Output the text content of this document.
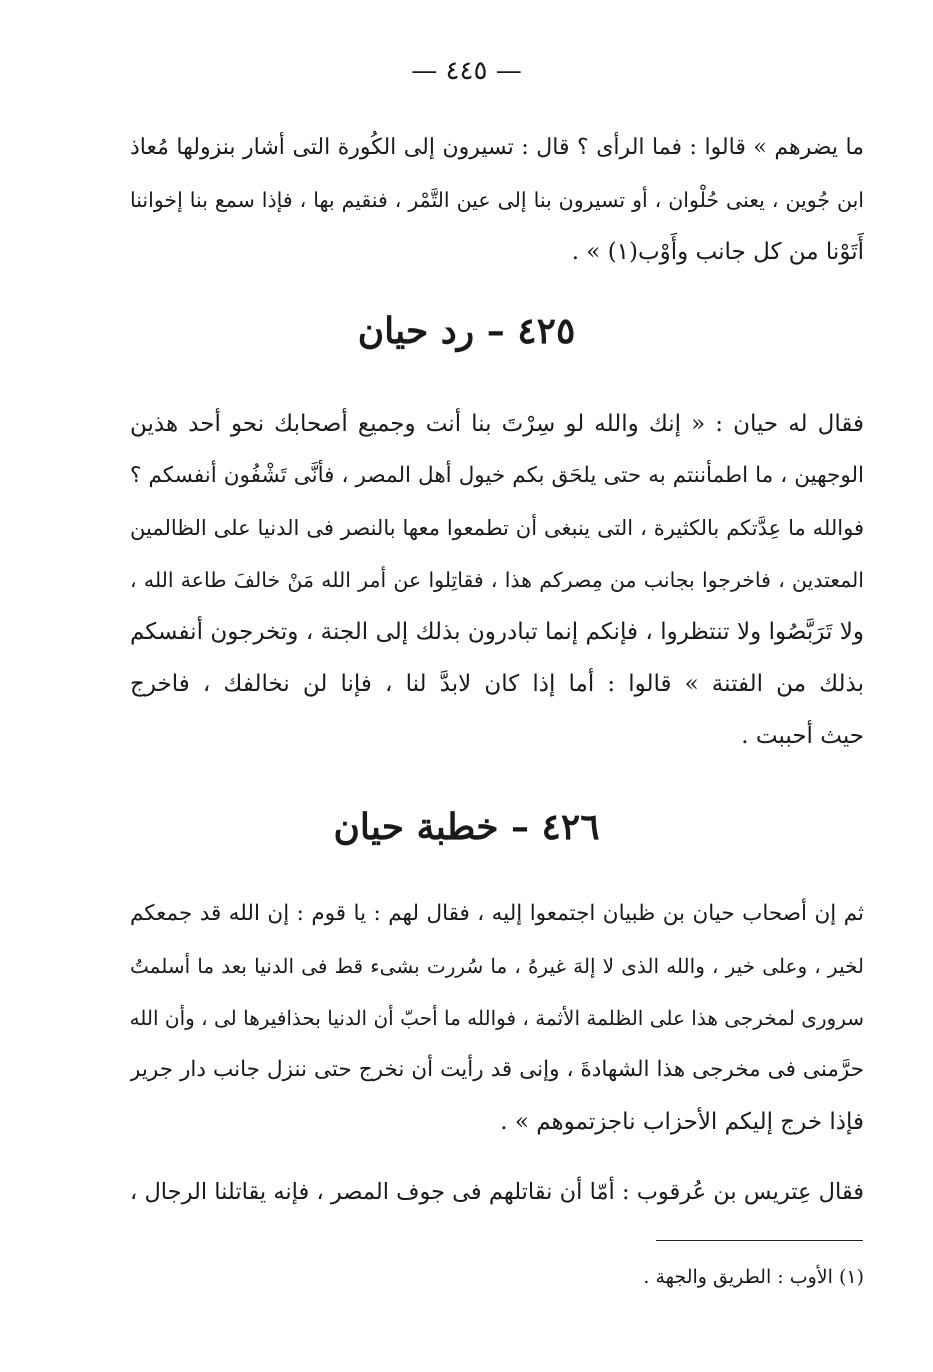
— ٤٤٥ —
ما يضرهم » قالوا : فما الرأى ؟ قال : تسيرون إلى الكُورة التى أشار بنزولها مُعاذ
ابن جُوين ، يعنى حُلْوان ، أو تسيرون بنا إلى عين التَّمْر ، فنقيم بها ، فإذا سمع بنا إخواننا
أَتَوْنا من كل جانب وأَوْب(١) » .
٤٢٥ – رد حيان
فقال له حيان : « إنك والله لو سِرْتَ بنا أنت وجميع أصحابك نحو أحد هذين
الوجهين ، ما اطمأننتم به حتى يلحَق بكم خيول أهل المصر ، فأنَّى تَشْفُون أنفسكم ؟
فوالله ما عِدَّتكم بالكثيرة ، التى ينبغى أن تطمعوا معها بالنصر فى الدنيا على الظالمين
المعتدين ، فاخرجوا بجانب من مِصركم هذا ، فقاتِلوا عن أمر الله مَنْ خالفَ طاعة الله ،
ولا تَرَبَّصُوا ولا تنتظروا ، فإنكم إنما تبادرون بذلك إلى الجنة ، وتخرجون أنفسكم
بذلك من الفتنة » قالوا : أما إذا كان لابدَّ لنا ، فإنا لن نخالفك ، فاخرج
حيث أحببت .
٤٢٦ – خطبة حيان
ثم إن أصحاب حيان بن ظبيان اجتمعوا إليه ، فقال لهم : يا قوم : إن الله قد جمعكم
لخير ، وعلى خير ، والله الذى لا إلهَ غيرهُ ، ما سُررت بشىء قط فى الدنيا بعد ما أسلمتُ
سرورى لمخرجى هذا على الظلمة الأثمة ، فوالله ما أحبّ أن الدنيا بحذافيرها لى ، وأن الله
حرَّمنى فى مخرجى هذا الشهادةَ ، وإنى قد رأيت أن نخرج حتى ننزل جانب دار جرير
فإذا خرج إليكم الأحزاب ناجزتموهم » .
فقال عِتريس بن عُرقوب : أمّا أن نقاتلهم فى جوف المصر ، فإنه يقاتلنا الرجال ،
(١) الأوب : الطريق والجهة .
